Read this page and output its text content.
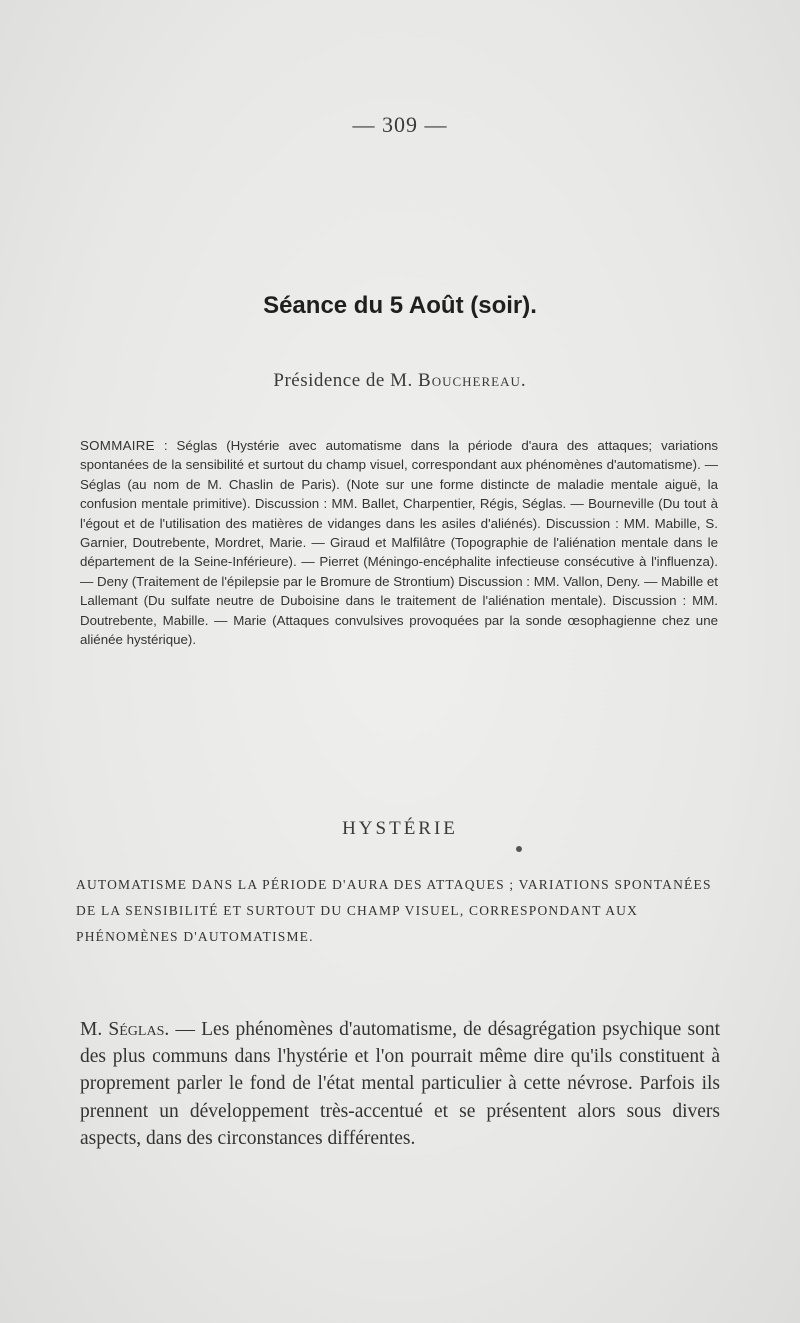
— 309 —
Séance du 5 Août (soir).
Présidence de M. Bouchereau.
SOMMAIRE : Séglas (Hystérie avec automatisme dans la période d'aura des attaques; variations spontanées de la sensibilité et surtout du champ visuel, correspondant aux phénomènes d'automatisme). — Séglas (au nom de M. Chaslin de Paris). (Note sur une forme distincte de maladie mentale aiguë, la confusion mentale primitive). Discussion : MM. Ballet, Charpentier, Régis, Séglas. — Bourneville (Du tout à l'égout et de l'utilisation des matières de vidanges dans les asiles d'aliénés). Discussion : MM. Mabille, S. Garnier, Doutrebente, Mordret, Marie. — Giraud et Malfilâtre (Topographie de l'aliénation mentale dans le département de la Seine-Inférieure). — Pierret (Méningo-encéphalite infectieuse consécutive à l'influenza). — Deny (Traitement de l'épilepsie par le Bromure de Strontium) Discussion : MM. Vallon, Deny. — Mabille et Lallemant (Du sulfate neutre de Duboisine dans le traitement de l'aliénation mentale). Discussion : MM. Doutrebente, Mabille. — Marie (Attaques convulsives provoquées par la sonde œsophagienne chez une aliénée hystérique).
HYSTÉRIE
AUTOMATISME DANS LA PÉRIODE D'AURA DES ATTAQUES ; VARIATIONS SPONTANÉES DE LA SENSIBILITÉ ET SURTOUT DU CHAMP VISUEL, CORRESPONDANT AUX PHÉNOMÈNES D'AUTOMATISME.
M. Séglas. — Les phénomènes d'automatisme, de désagrégation psychique sont des plus communs dans l'hystérie et l'on pourrait même dire qu'ils constituent à proprement parler le fond de l'état mental particulier à cette névrose. Parfois ils prennent un développement très-accentué et se présentent alors sous divers aspects, dans des circonstances différentes.
